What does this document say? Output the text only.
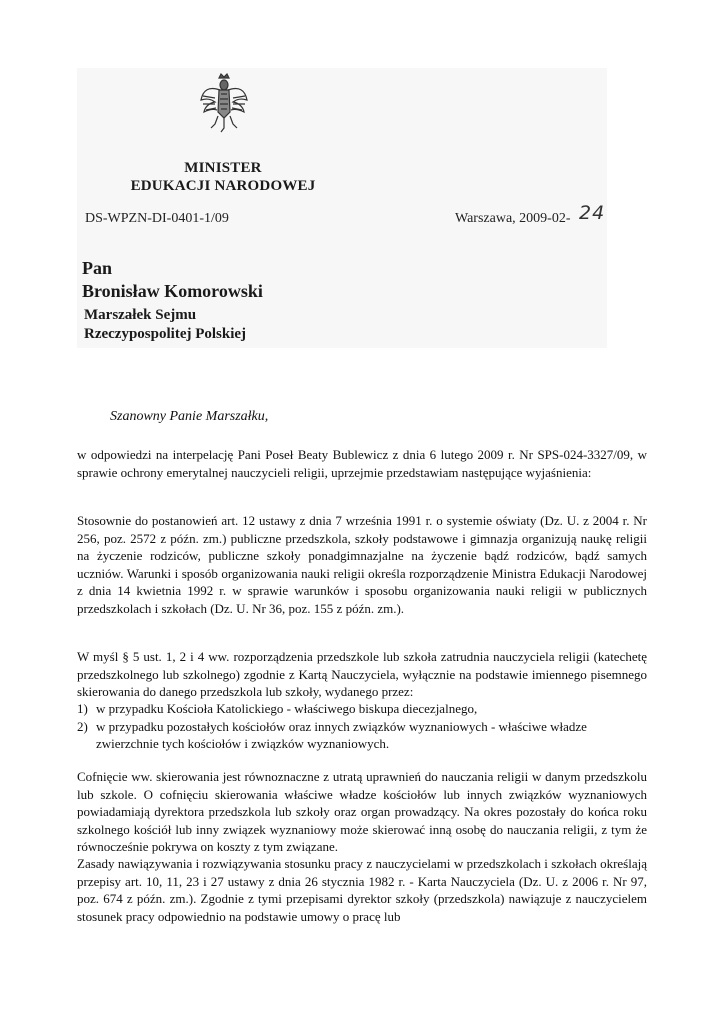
MINISTER
EDUKACJI NARODOWEJ
DS-WPZN-DI-0401-1/09	Warszawa, 2009-02- 24
Pan
Bronisław Komorowski
Marszałek Sejmu
Rzeczypospolitej Polskiej
Szanowny Panie Marszałku,
w odpowiedzi na interpelację Pani Poseł Beaty Bublewicz z dnia 6 lutego 2009 r. Nr SPS-024-3327/09, w sprawie ochrony emerytalnej nauczycieli religii, uprzejmie przedstawiam następujące wyjaśnienia:
Stosownie do postanowień art. 12 ustawy z dnia 7 września 1991 r. o systemie oświaty (Dz. U. z 2004 r. Nr 256, poz. 2572 z późn. zm.) publiczne przedszkola, szkoły podstawowe i gimnazja organizują naukę religii na życzenie rodziców, publiczne szkoły ponadgimnazjalne na życzenie bądź rodziców, bądź samych uczniów. Warunki i sposób organizowania nauki religii określa rozporządzenie Ministra Edukacji Narodowej z dnia 14 kwietnia 1992 r. w sprawie warunków i sposobu organizowania nauki religii w publicznych przedszkolach i szkołach (Dz. U. Nr 36, poz. 155 z późn. zm.).
W myśl § 5 ust. 1, 2 i 4 ww. rozporządzenia przedszkole lub szkoła zatrudnia nauczyciela religii (katechetę przedszkolnego lub szkolnego) zgodnie z Kartą Nauczyciela, wyłącznie na podstawie imiennego pisemnego skierowania do danego przedszkola lub szkoły, wydanego przez:
1) w przypadku Kościoła Katolickiego - właściwego biskupa diecezjalnego,
2) w przypadku pozostałych kościołów oraz innych związków wyznaniowych - właściwe władze zwierzchnie tych kościołów i związków wyznaniowych.
Cofnięcie ww. skierowania jest równoznaczne z utratą uprawnień do nauczania religii w danym przedszkolu lub szkole. O cofnięciu skierowania właściwe władze kościołów lub innych związków wyznaniowych powiadamiają dyrektora przedszkola lub szkoły oraz organ prowadzący. Na okres pozostały do końca roku szkolnego kościół lub inny związek wyznaniowy może skierować inną osobę do nauczania religii, z tym że równocześnie pokrywa on koszty z tym związane.
Zasady nawiązywania i rozwiązywania stosunku pracy z nauczycielami w przedszkolach i szkołach określają przepisy art. 10, 11, 23 i 27 ustawy z dnia 26 stycznia 1982 r. - Karta Nauczyciela (Dz. U. z 2006 r. Nr 97, poz. 674 z późn. zm.). Zgodnie z tymi przepisami dyrektor szkoły (przedszkola) nawiązuje z nauczycielem stosunek pracy odpowiednio na podstawie umowy o pracę lub
